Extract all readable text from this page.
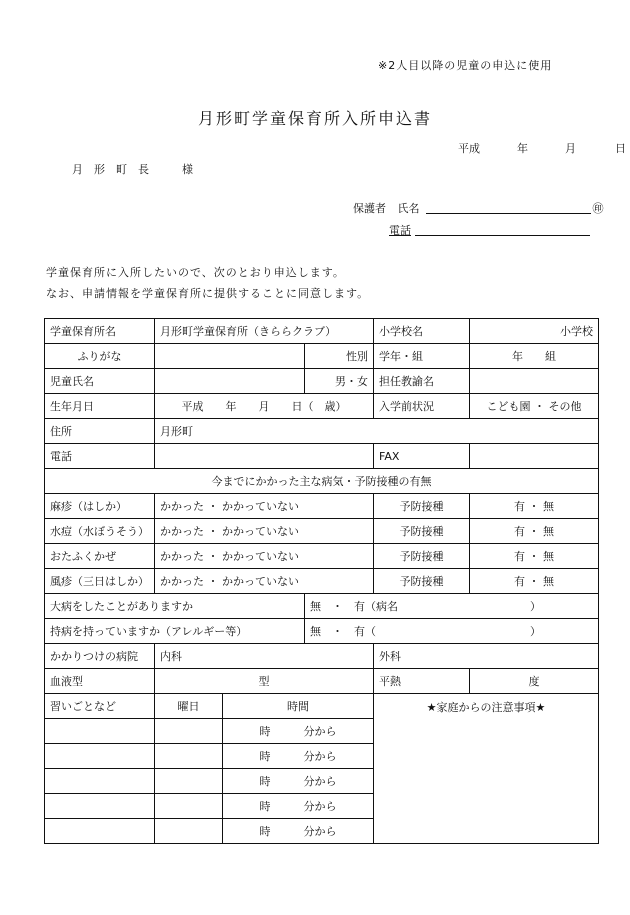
※2人目以降の児童の申込に使用
月形町学童保育所入所申込書
平成	年	月	日
月形町長　様
保護者 氏名	㊞
電話
学童保育所に入所したいので、次のとおり申込します。
なお、申請情報を学童保育所に提供することに同意します。
学童保育所名	月形町学童保育所（きららクラブ）			小学校名	小学校
ふりがな			性別	学年・組	年　　組
児童氏名			男・女	担任教諭名	
生年月日	平成　　年　　月　　日（　歳）			入学前状況	こども園 ・ その他
住所	月形町				
電話				FAX	
今までにかかった主な病気・予防接種の有無					
麻疹（はしか）	かかった ・ かかっていない			予防接種	有 ・ 無
水痘（水ぼうそう）	かかった ・ かかっていない			予防接種	有 ・ 無
おたふくかぜ	かかった ・ かかっていない			予防接種	有 ・ 無
風疹（三日はしか）	かかった ・ かかっていない			予防接種	有 ・ 無
大病をしたことがありますか			無　・　有（病名　　　　　　　　　　　　）		
持病を持っていますか（アレルギー等）			無　・　有（　　　　　　　　　　　　　　）		
かかりつけの病院	内科			外科	
血液型	型			平熱	度
習いごとなど	曜日	時間		★家庭からの注意事項★	
		時　　　分から			
		時　　　分から			
		時　　　分から			
		時　　　分から			
		時　　　分から			
